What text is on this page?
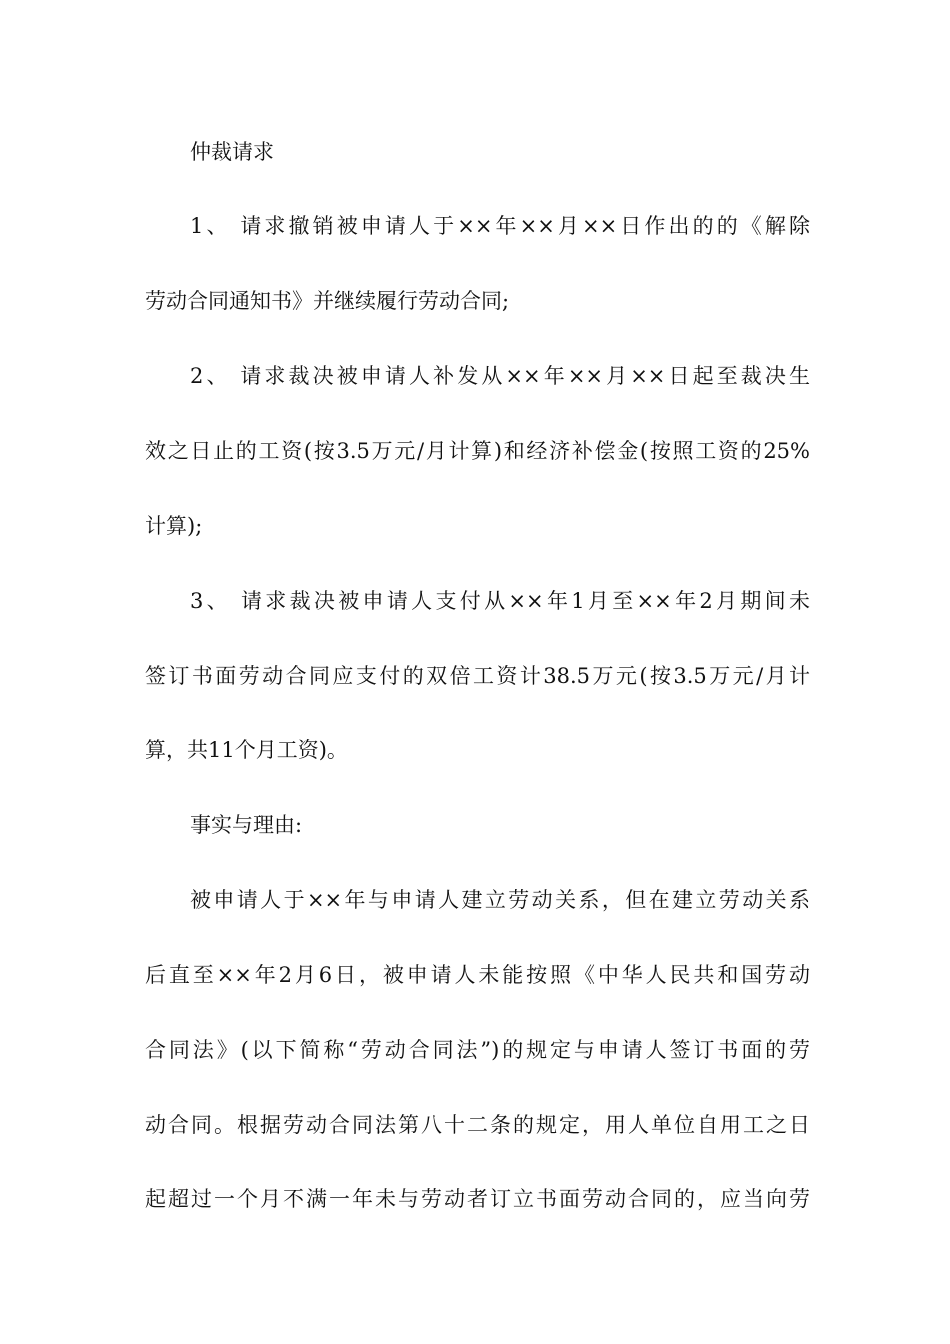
仲裁请求
1、 请求撤销被申请人于××年××月××日作出的的《解除
劳动合同通知书》并继续履行劳动合同;
2、 请求裁决被申请人补发从××年××月××日起至裁决生
效之日止的工资(按3.5万元/月计算)和经济补偿金(按照工资的25%
计算);
3、 请求裁决被申请人支付从××年1月至××年2月期间未
签订书面劳动合同应支付的双倍工资计38.5万元(按3.5万元/月计
算，共11个月工资)。
事实与理由:
被申请人于××年与申请人建立劳动关系，但在建立劳动关系
后直至××年2月6日，被申请人未能按照《中华人民共和国劳动
合同法》(以下简称“劳动合同法”)的规定与申请人签订书面的劳
动合同。根据劳动合同法第八十二条的规定，用人单位自用工之日
起超过一个月不满一年未与劳动者订立书面劳动合同的，应当向劳
